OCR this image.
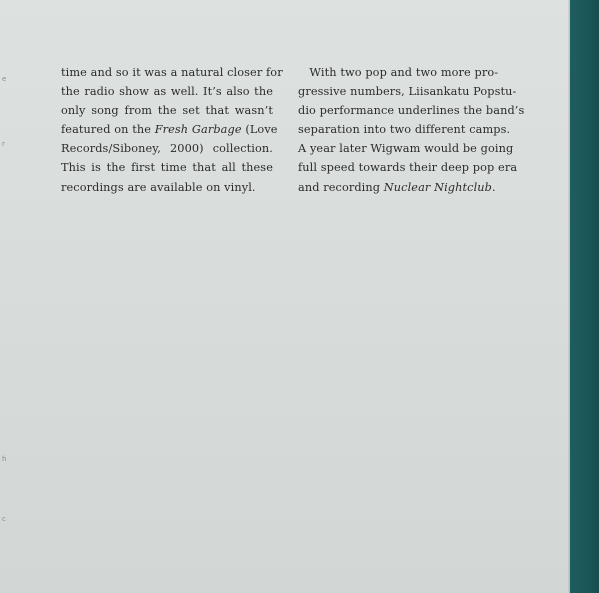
time and so it was a natural closer for
the radio show as well. It’s also the
only song from the set that wasn’t
featured on the Fresh Garbage (Love
Records/Siboney, 2000) collection.
This is the first time that all these
recordings are available on vinyl.
 With two pop and two more pro-
gressive numbers, Liisankatu Popstu-
dio performance underlines the band’s
separation into two different camps.
A year later Wigwam would be going
full speed towards their deep pop era
and recording Nuclear Nightclub.
e
r
h
c
